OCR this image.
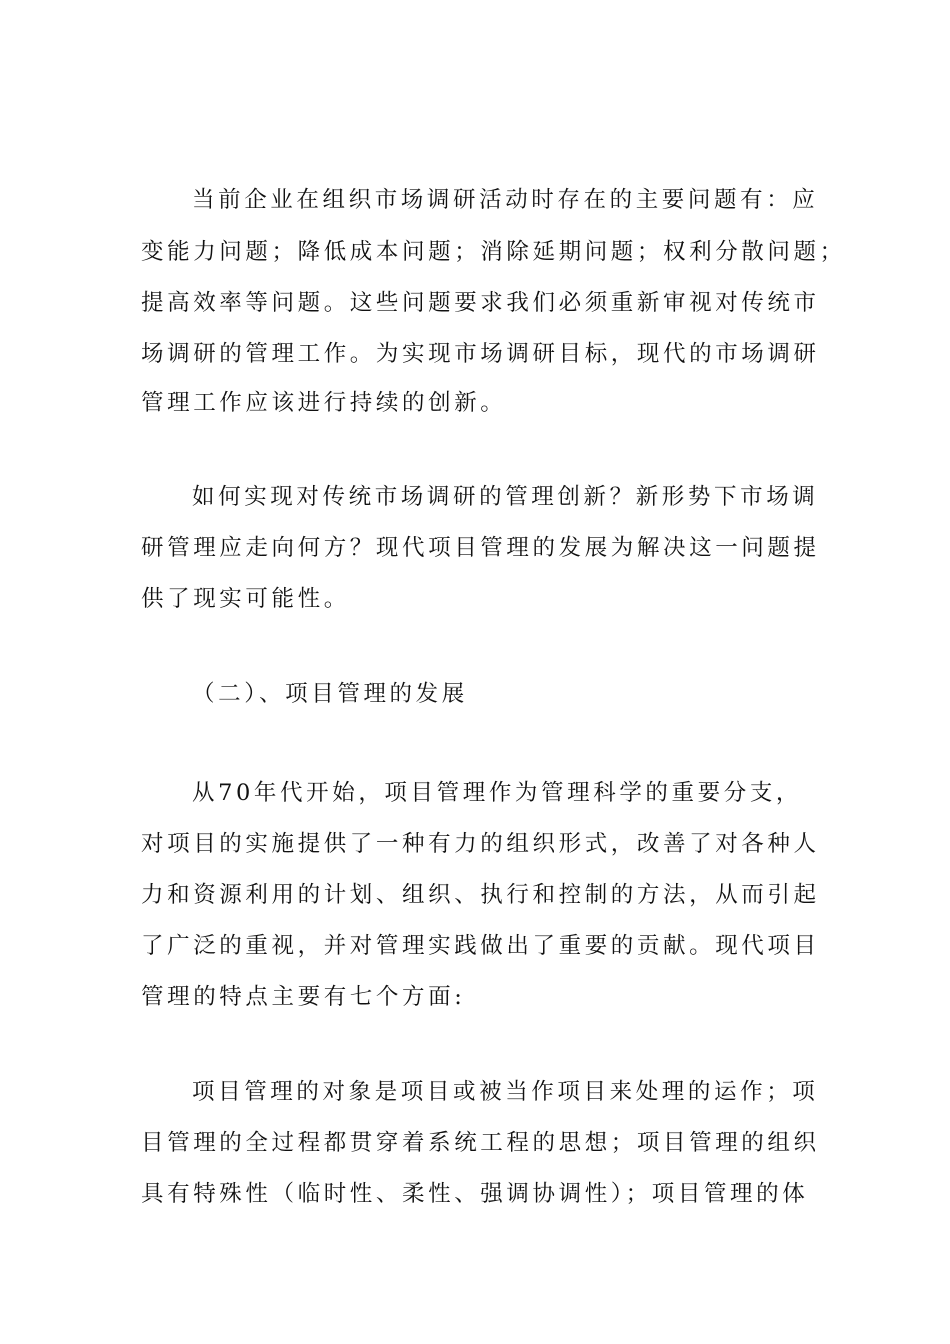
当前企业在组织市场调研活动时存在的主要问题有：应
变能力问题；降低成本问题；消除延期问题；权利分散问题；
提高效率等问题。这些问题要求我们必须重新审视对传统市
场调研的管理工作。为实现市场调研目标，现代的市场调研
管理工作应该进行持续的创新。
如何实现对传统市场调研的管理创新？新形势下市场调
研管理应走向何方？现代项目管理的发展为解决这一问题提
供了现实可能性。
（二）、项目管理的发展
从70年代开始，项目管理作为管理科学的重要分支，
对项目的实施提供了一种有力的组织形式，改善了对各种人
力和资源利用的计划、组织、执行和控制的方法，从而引起
了广泛的重视，并对管理实践做出了重要的贡献。现代项目
管理的特点主要有七个方面:
项目管理的对象是项目或被当作项目来处理的运作；项
目管理的全过程都贯穿着系统工程的思想；项目管理的组织
具有特殊性（临时性、柔性、强调协调性）；项目管理的体
